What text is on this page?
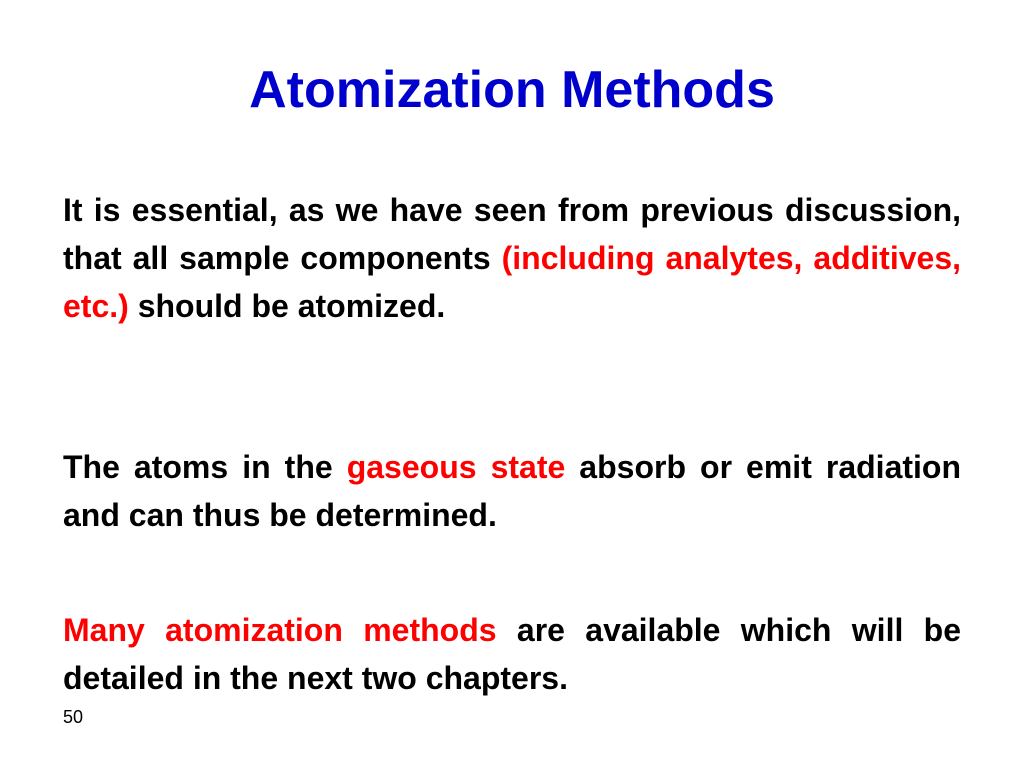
Atomization Methods

It is essential, as we have seen from previous discussion, that all sample components (including analytes, additives, etc.) should be atomized.

The atoms in the gaseous state absorb or emit radiation and can thus be determined.

Many atomization methods are available which will be detailed in the next two chapters.

50
